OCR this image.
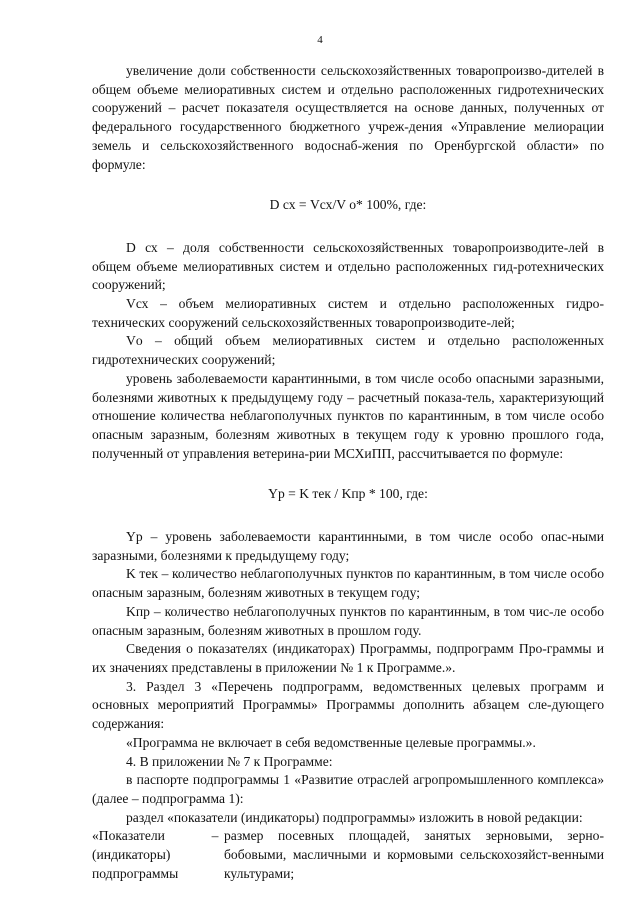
4

увеличение доли собственности сельскохозяйственных товаропроизво-дителей в общем объеме мелиоративных систем и отдельно расположенных гидротехнических сооружений – расчет показателя осуществляется на основе данных, полученных от федерального государственного бюджетного учреж-дения «Управление мелиорации земель и сельскохозяйственного водоснаб-жения по Оренбургской области» по формуле:

D сх = Vсх/V о* 100%, где:

D сх – доля собственности сельскохозяйственных товаропроизводите-лей в общем объеме мелиоративных систем и отдельно расположенных гид-ротехнических сооружений;

Vсх – объем мелиоративных систем и отдельно расположенных гидро-технических сооружений сельскохозяйственных товаропроизводите-лей;

Vо – общий объем мелиоративных систем и отдельно расположенных гидротехнических сооружений;

уровень заболеваемости карантинными, в том числе особо опасными заразными, болезнями животных к предыдущему году – расчетный показа-тель, характеризующий отношение количества неблагополучных пунктов по карантинным, в том числе особо опасным заразным, болезням животных в текущем году к уровню прошлого года, полученный от управления ветерина-рии МСХиПП, рассчитывается по формуле:

Yр = K тек / Kпр * 100, где:

Yр – уровень заболеваемости карантинными, в том числе особо опас-ными заразными, болезнями к предыдущему году;

K тек – количество неблагополучных пунктов по карантинным, в том числе особо опасным заразным, болезням животных в текущем году;

Kпр – количество неблагополучных пунктов по карантинным, в том чис-ле особо опасным заразным, болезням животных в прошлом году.

Сведения о показателях (индикаторах) Программы, подпрограмм Про-граммы и их значениях представлены в приложении № 1 к Программе.».

3. Раздел 3 «Перечень подпрограмм, ведомственных целевых программ и основных мероприятий Программы» Программы дополнить абзацем сле-дующего содержания:

«Программа не включает в себя ведомственные целевые программы.».

4. В приложении № 7 к Программе:

в паспорте подпрограммы 1 «Развитие отраслей агропромышленного комплекса» (далее – подпрограмма 1):

раздел «показатели (индикаторы) подпрограммы» изложить в новой редакции:

«Показатели (индикаторы) подпрограммы
– размер посевных площадей, занятых зерновыми, зерно-бобовыми, масличными и кормовыми сельскохозяйст-венными культурами;
